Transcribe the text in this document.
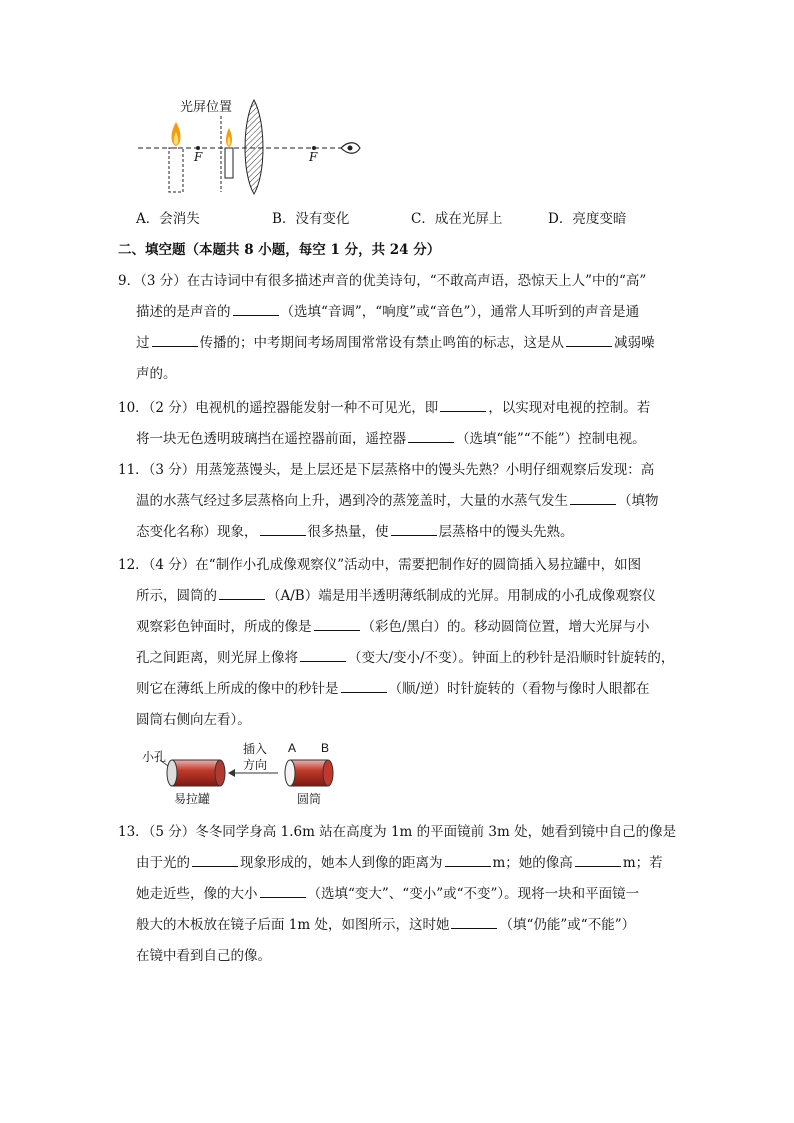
光屏位置
F	F
A．会消失	B．没有变化	C．成在光屏上	D．亮度变暗
二、填空题（本题共 8 小题，每空 1 分，共 24 分）
9．（3 分）在古诗词中有很多描述声音的优美诗句，“不敢高声语，恐惊天上人”中的“高”
描述的是声音的	（选填“音调”，“响度”或“音色”），通常人耳听到的声音是通
过	传播的；中考期间考场周围常常设有禁止鸣笛的标志，这是从	减弱噪
声的。
10．（2 分）电视机的遥控器能发射一种不可见光，即	，以实现对电视的控制。若
将一块无色透明玻璃挡在遥控器前面，遥控器	（选填“能”“不能”）控制电视。
11．（3 分）用蒸笼蒸馒头，是上层还是下层蒸格中的馒头先熟？小明仔细观察后发现：高
温的水蒸气经过多层蒸格向上升，遇到冷的蒸笼盖时，大量的水蒸气发生	（填物
态变化名称）现象，	很多热量，使	层蒸格中的馒头先熟。
12．（4 分）在“制作小孔成像观察仪”活动中，需要把制作好的圆筒插入易拉罐中，如图
所示，圆筒的	（A/B）端是用半透明薄纸制成的光屏。用制成的小孔成像观察仪
观察彩色钟面时，所成的像是	（彩色/黑白）的。移动圆筒位置，增大光屏与小
孔之间距离，则光屏上像将	（变大/变小/不变）。钟面上的秒针是沿顺时针旋转的，
则它在薄纸上所成的像中的秒针是	（顺/逆）时针旋转的（看物与像时人眼都在
圆筒右侧向左看）。
小孔
插入
方向
A B
易拉罐	圆筒
13．（5 分）冬冬同学身高 1.6m 站在高度为 1m 的平面镜前 3m 处，她看到镜中自己的像是
由于光的	现象形成的，她本人到像的距离为	m；她的像高	m；若
她走近些，像的大小	（选填“变大”、“变小”或“不变”）。现将一块和平面镜一
般大的木板放在镜子后面 1m 处，如图所示，这时她	（填“仍能”或“不能”）
在镜中看到自己的像。
